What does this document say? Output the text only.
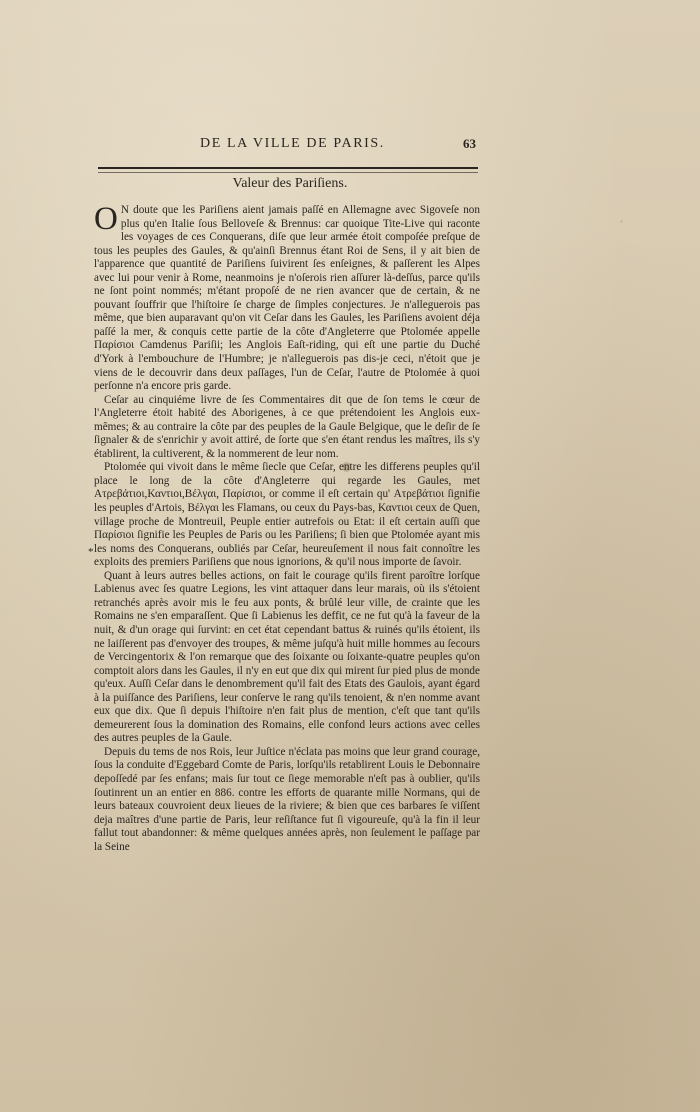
DE LA VILLE DE PARIS.	63
Valeur des Pariſiens.
*

O N doute que les Pariſiens aient jamais paſſé en Allemagne avec Sigoveſe non plus qu'en Italie ſous Belloveſe & Brennus: car quoique Tite-Live qui raconte les voyages de ces Conquerans, diſe que leur armée étoit compoſée preſque de tous les peuples des Gaules, & qu'ainſi Brennus étant Roi de Sens, il y ait bien de l'apparence que quantité de Pariſiens ſuivirent ſes enſeignes, & paſſerent les Alpes avec lui pour venir à Rome, neanmoins je n'oſerois rien aſſurer là-deſſus, parce qu'ils ne ſont point nommés; m'étant propoſé de ne rien avancer que de certain, & ne pouvant ſouffrir que l'hiſtoire ſe charge de ſimples conjectures. Je n'alleguerois pas même, que bien auparavant qu'on vit Ceſar dans les Gaules, les Pariſiens avoient déja paſſé la mer, & conquis cette partie de la côte d'Angleterre que Ptolomée appelle Παρίσιοι Camdenus Pariſii; les Anglois Eaſt-riding, qui eſt une partie du Duché d'York à l'embouchure de l'Humbre; je n'alleguerois pas dis-je ceci, n'étoit que je viens de le decouvrir dans deux paſſages, l'un de Ceſar, l'autre de Ptolomée à quoi perſonne n'a encore pris garde.

Ceſar au cinquiéme livre de ſes Commentaires dit que de ſon tems le cœur de l'Angleterre étoit habité des Aborigenes, à ce que prétendoient les Anglois eux-mêmes; & au contraire la côte par des peuples de la Gaule Belgique, que le deſir de ſe ſignaler & de s'enrichir y avoit attiré, de ſorte que s'en étant rendus les maîtres, ils s'y établirent, la cultiverent, & la nommerent de leur nom.

Ptolomée qui vivoit dans le même ſiecle que Ceſar, entre les differens peuples qu'il place le long de la côte d'Angleterre qui regarde les Gaules, met Ατρεβάτιοι,Καντιοι,Βέλγαι, Παρίσιοι, or comme il eſt certain qu' Ατρεβάτιοι ſignifie les peuples d'Artois, Βέλγαι les Flamans, ou ceux du Pays-bas, Καντιοι ceux de Quen, village proche de Montreuil, Peuple entier autrefois ou Etat: il eſt certain auſſi que Παρίσιοι ſignifie les Peuples de Paris ou les Pariſiens; ſi bien que Ptolomée ayant mis les noms des Conquerans, oubliés par Ceſar, heureuſement il nous fait connoître les exploits des premiers Pariſiens que nous ignorions, & qu'il nous importe de ſavoir.

Quant à leurs autres belles actions, on fait le courage qu'ils firent paroître lorſque Labienus avec ſes quatre Legions, les vint attaquer dans leur marais, où ils s'étoient retranchés après avoir mis le feu aux ponts, & brûlé leur ville, de crainte que les Romains ne s'en emparaſſent. Que ſi Labienus les deffit, ce ne fut qu'à la faveur de la nuit, & d'un orage qui ſurvint: en cet état cependant battus & ruinés qu'ils étoient, ils ne laiſſerent pas d'envoyer des troupes, & même juſqu'à huit mille hommes au ſecours de Vercingentorix & l'on remarque que des ſoixante ou ſoixante-quatre peuples qu'on comptoit alors dans les Gaules, il n'y en eut que dix qui mirent ſur pied plus de monde qu'eux. Auſſi Ceſar dans le denombrement qu'il fait des Etats des Gaulois, ayant égard à la puiſſance des Pariſiens, leur conſerve le rang qu'ils tenoient, & n'en nomme avant eux que dix. Que ſi depuis l'hiſtoire n'en fait plus de mention, c'eſt que tant qu'ils demeurerent ſous la domination des Romains, elle confond leurs actions avec celles des autres peuples de la Gaule.

Depuis du tems de nos Rois, leur Juſtice n'éclata pas moins que leur grand courage, ſous la conduite d'Eggebard Comte de Paris, lorſqu'ils retablirent Louis le Debonnaire depoſſedé par ſes enfans; mais ſur tout ce ſiege memorable n'eſt pas à oublier, qu'ils ſoutinrent un an entier en 886. contre les efforts de quarante mille Normans, qui de leurs bateaux couvroient deux lieues de la riviere; & bien que ces barbares ſe viſſent deja maîtres d'une partie de Paris, leur reſiſtance fut ſi vigoureuſe, qu'à la fin il leur fallut tout abandonner: & même quelques années après, non ſeulement le paſſage par la Seine
